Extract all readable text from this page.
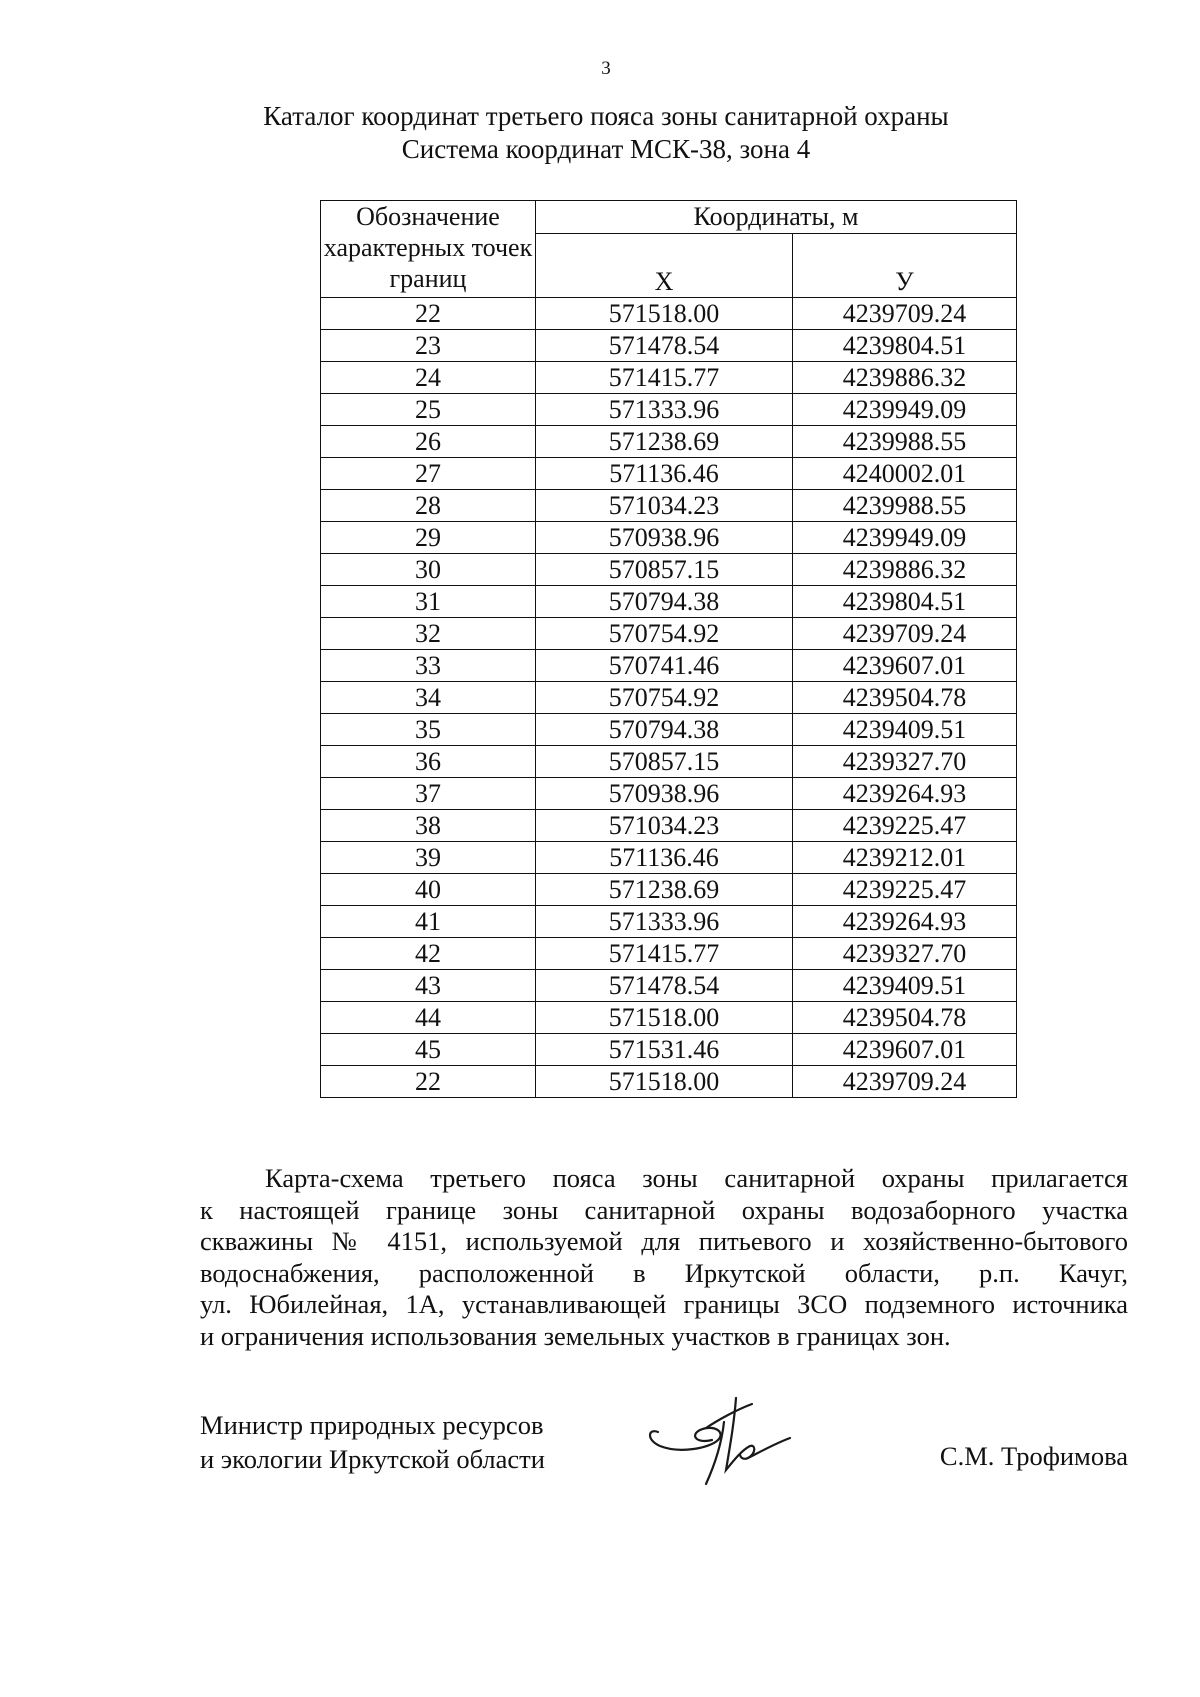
3
Каталог координат третьего пояса зоны санитарной охраны
Система координат МСК-38, зона 4
Обозначение характерных точек границ	Координаты, м	
	X	У
22	571518.00	4239709.24
23	571478.54	4239804.51
24	571415.77	4239886.32
25	571333.96	4239949.09
26	571238.69	4239988.55
27	571136.46	4240002.01
28	571034.23	4239988.55
29	570938.96	4239949.09
30	570857.15	4239886.32
31	570794.38	4239804.51
32	570754.92	4239709.24
33	570741.46	4239607.01
34	570754.92	4239504.78
35	570794.38	4239409.51
36	570857.15	4239327.70
37	570938.96	4239264.93
38	571034.23	4239225.47
39	571136.46	4239212.01
40	571238.69	4239225.47
41	571333.96	4239264.93
42	571415.77	4239327.70
43	571478.54	4239409.51
44	571518.00	4239504.78
45	571531.46	4239607.01
22	571518.00	4239709.24
Карта-схема третьего пояса зоны санитарной охраны прилагается
к настоящей границе зоны санитарной охраны водозаборного участка
скважины № 4151, используемой для питьевого и хозяйственно-бытового
водоснабжения, расположенной в Иркутской области, р.п. Качуг,
ул. Юбилейная, 1А, устанавливающей границы ЗСО подземного источника
и ограничения использования земельных участков в границах зон.
Министр природных ресурсов
и экологии Иркутской области	С.М. Трофимова
